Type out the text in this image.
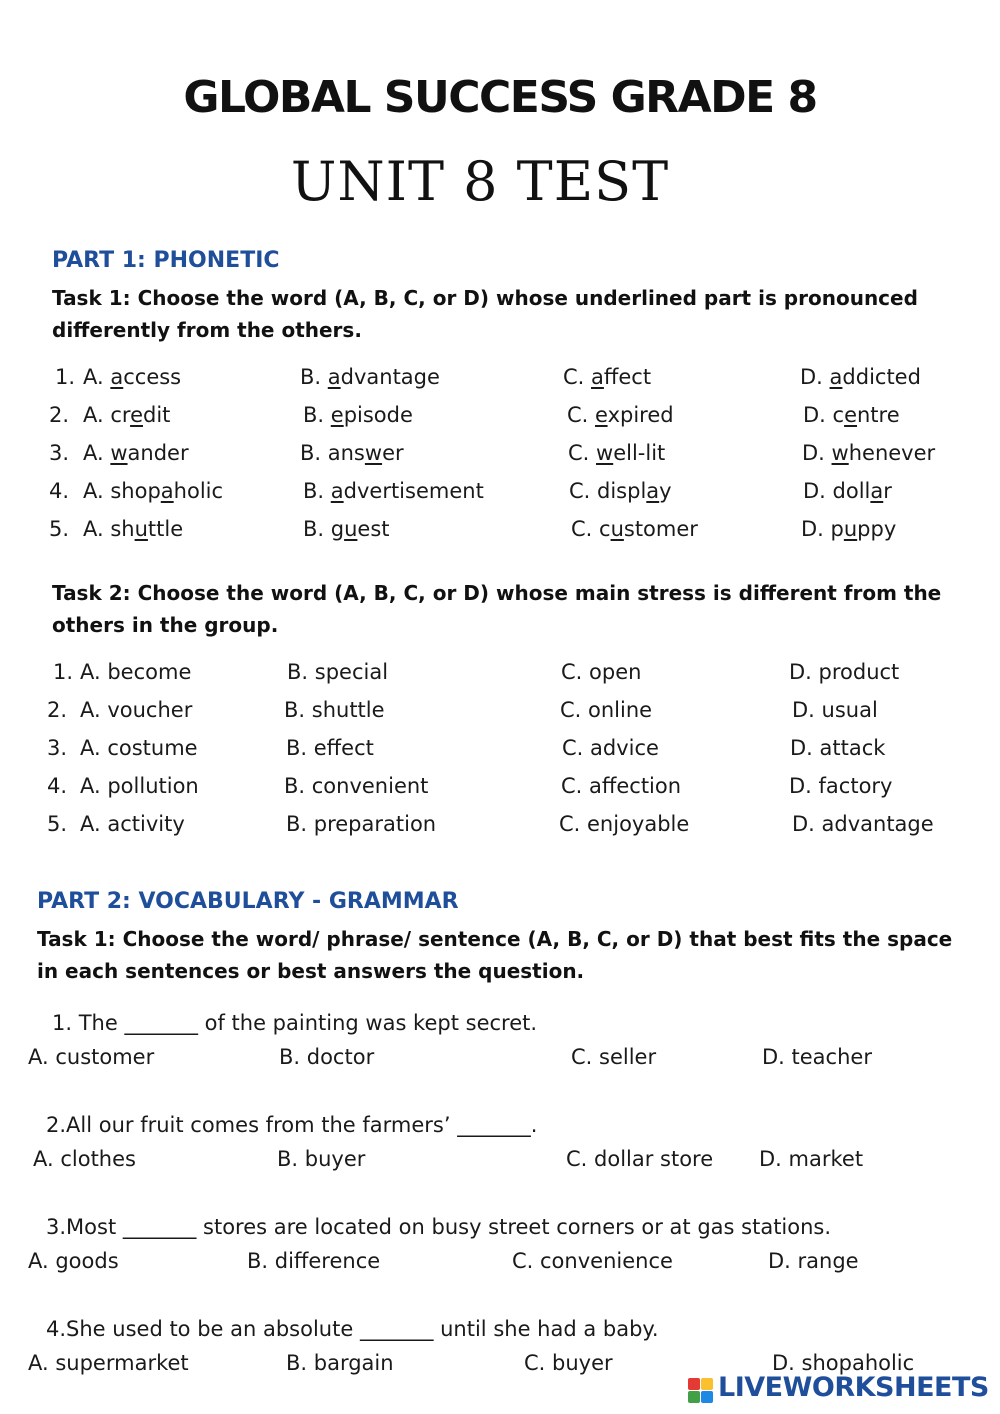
GLOBAL SUCCESS GRADE 8
UNIT 8 TEST
PART 1: PHONETIC
Task 1: Choose the word (A, B, C, or D) whose underlined part is pronounced differently from the others.
1. A. access	B. advantage	C. affect	D. addicted
2. A. credit	B. episode	C. expired	D. centre
3. A. wander	B. answer	C. well-lit	D. whenever
4. A. shopaholic	B. advertisement	C. display	D. dollar
5. A. shuttle	B. guest	C. customer	D. puppy
Task 2: Choose the word (A, B, C, or D) whose main stress is different from the others in the group.
1. A. become	B. special	C. open	D. product
2. A. voucher	B. shuttle	C. online	D. usual
3. A. costume	B. effect	C. advice	D. attack
4. A. pollution	B. convenient	C. affection	D. factory
5. A. activity	B. preparation	C. enjoyable	D. advantage
PART 2: VOCABULARY - GRAMMAR
Task 1: Choose the word/ phrase/ sentence (A, B, C, or D) that best fits the space in each sentences or best answers the question.
1. The _______ of the painting was kept secret.
A. customer	B. doctor	C. seller	D. teacher
2.All our fruit comes from the farmers’ _______.
A. clothes	B. buyer	C. dollar store D. market
3.Most _______ stores are located on busy street corners or at gas stations.
A. goods	B. difference	C. convenience	D. range
4.She used to be an absolute _______ until she had a baby.
A. supermarket	B. bargain	C. buyer	D. shopaholic
LIVEWORKSHEETS
